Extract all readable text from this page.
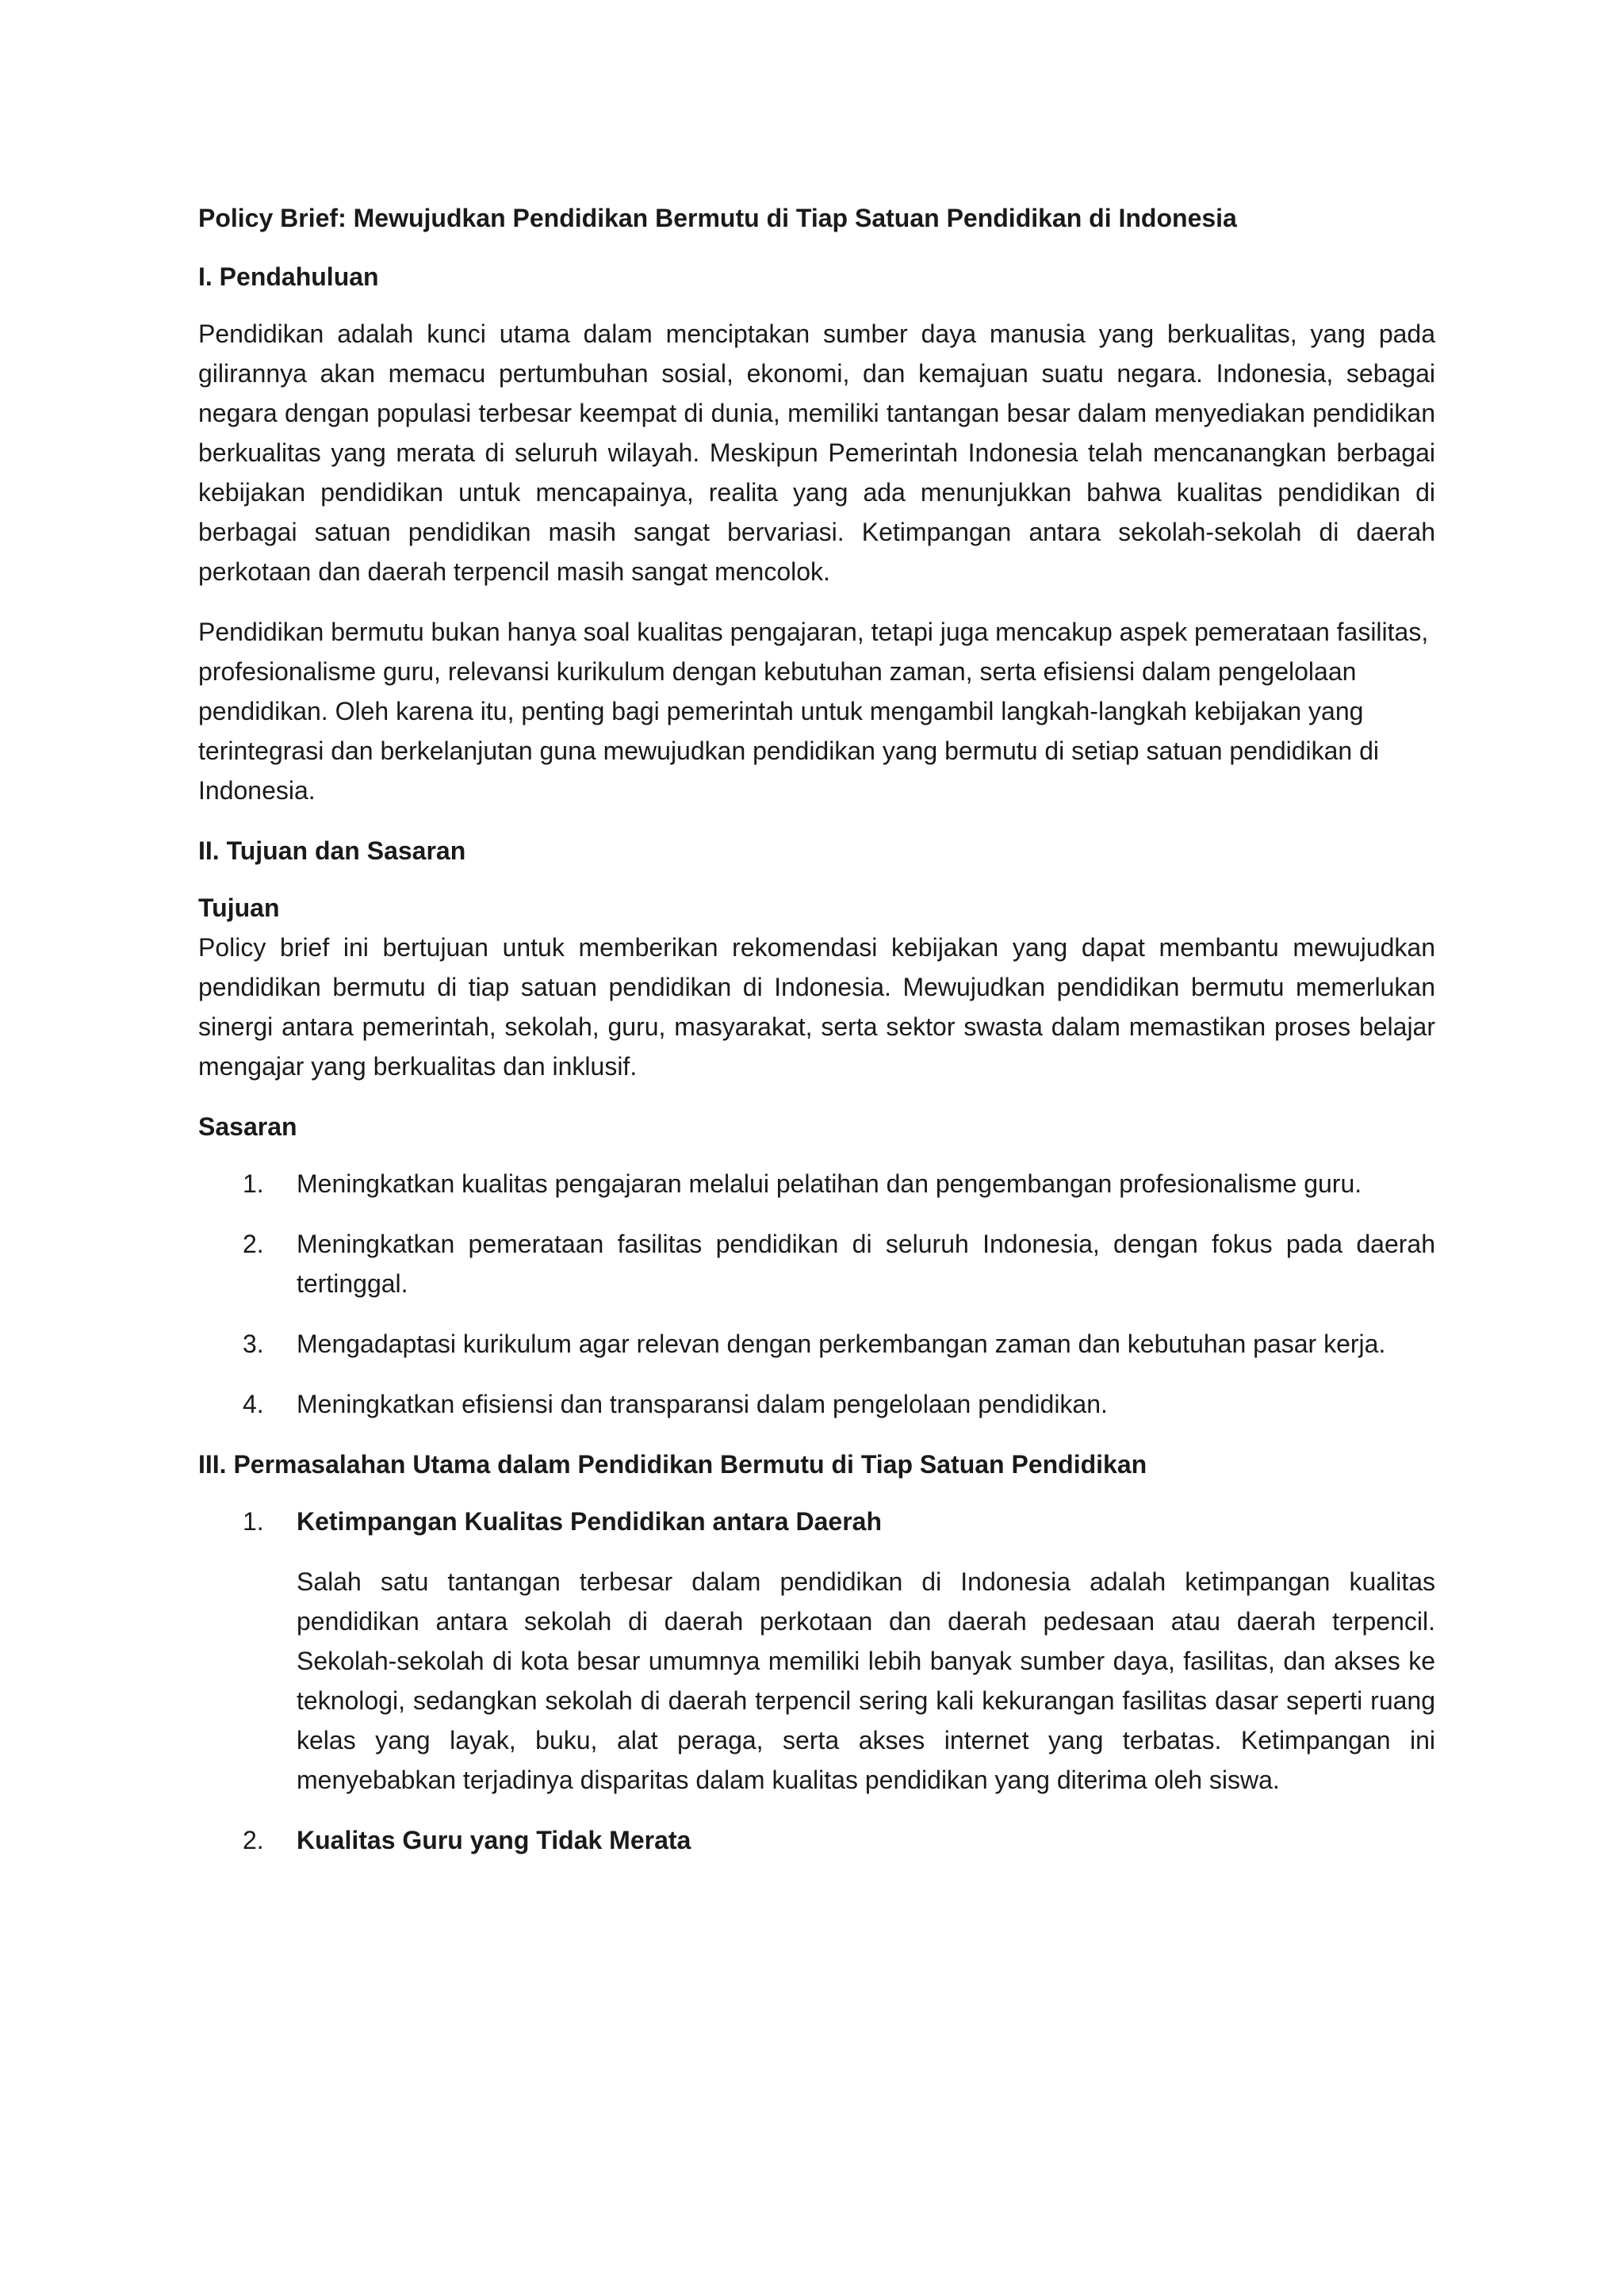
Policy Brief: Mewujudkan Pendidikan Bermutu di Tiap Satuan Pendidikan di Indonesia
I. Pendahuluan

Pendidikan adalah kunci utama dalam menciptakan sumber daya manusia yang berkualitas, yang pada gilirannya akan memacu pertumbuhan sosial, ekonomi, dan kemajuan suatu negara. Indonesia, sebagai negara dengan populasi terbesar keempat di dunia, memiliki tantangan besar dalam menyediakan pendidikan berkualitas yang merata di seluruh wilayah. Meskipun Pemerintah Indonesia telah mencanangkan berbagai kebijakan pendidikan untuk mencapainya, realita yang ada menunjukkan bahwa kualitas pendidikan di berbagai satuan pendidikan masih sangat bervariasi. Ketimpangan antara sekolah-sekolah di daerah perkotaan dan daerah terpencil masih sangat mencolok.

Pendidikan bermutu bukan hanya soal kualitas pengajaran, tetapi juga mencakup aspek pemerataan fasilitas, profesionalisme guru, relevansi kurikulum dengan kebutuhan zaman, serta efisiensi dalam pengelolaan pendidikan. Oleh karena itu, penting bagi pemerintah untuk mengambil langkah-langkah kebijakan yang terintegrasi dan berkelanjutan guna mewujudkan pendidikan yang bermutu di setiap satuan pendidikan di Indonesia.

II. Tujuan dan Sasaran
Tujuan

Policy brief ini bertujuan untuk memberikan rekomendasi kebijakan yang dapat membantu mewujudkan pendidikan bermutu di tiap satuan pendidikan di Indonesia. Mewujudkan pendidikan bermutu memerlukan sinergi antara pemerintah, sekolah, guru, masyarakat, serta sektor swasta dalam memastikan proses belajar mengajar yang berkualitas dan inklusif.

Sasaran
1. Meningkatkan kualitas pengajaran melalui pelatihan dan pengembangan profesionalisme guru.
2. Meningkatkan pemerataan fasilitas pendidikan di seluruh Indonesia, dengan fokus pada daerah tertinggal.
3. Mengadaptasi kurikulum agar relevan dengan perkembangan zaman dan kebutuhan pasar kerja.
4. Meningkatkan efisiensi dan transparansi dalam pengelolaan pendidikan.
III. Permasalahan Utama dalam Pendidikan Bermutu di Tiap Satuan Pendidikan
1. Ketimpangan Kualitas Pendidikan antara Daerah
Salah satu tantangan terbesar dalam pendidikan di Indonesia adalah ketimpangan kualitas pendidikan antara sekolah di daerah perkotaan dan daerah pedesaan atau daerah terpencil. Sekolah-sekolah di kota besar umumnya memiliki lebih banyak sumber daya, fasilitas, dan akses ke teknologi, sedangkan sekolah di daerah terpencil sering kali kekurangan fasilitas dasar seperti ruang kelas yang layak, buku, alat peraga, serta akses internet yang terbatas. Ketimpangan ini menyebabkan terjadinya disparitas dalam kualitas pendidikan yang diterima oleh siswa.
2. Kualitas Guru yang Tidak Merata
